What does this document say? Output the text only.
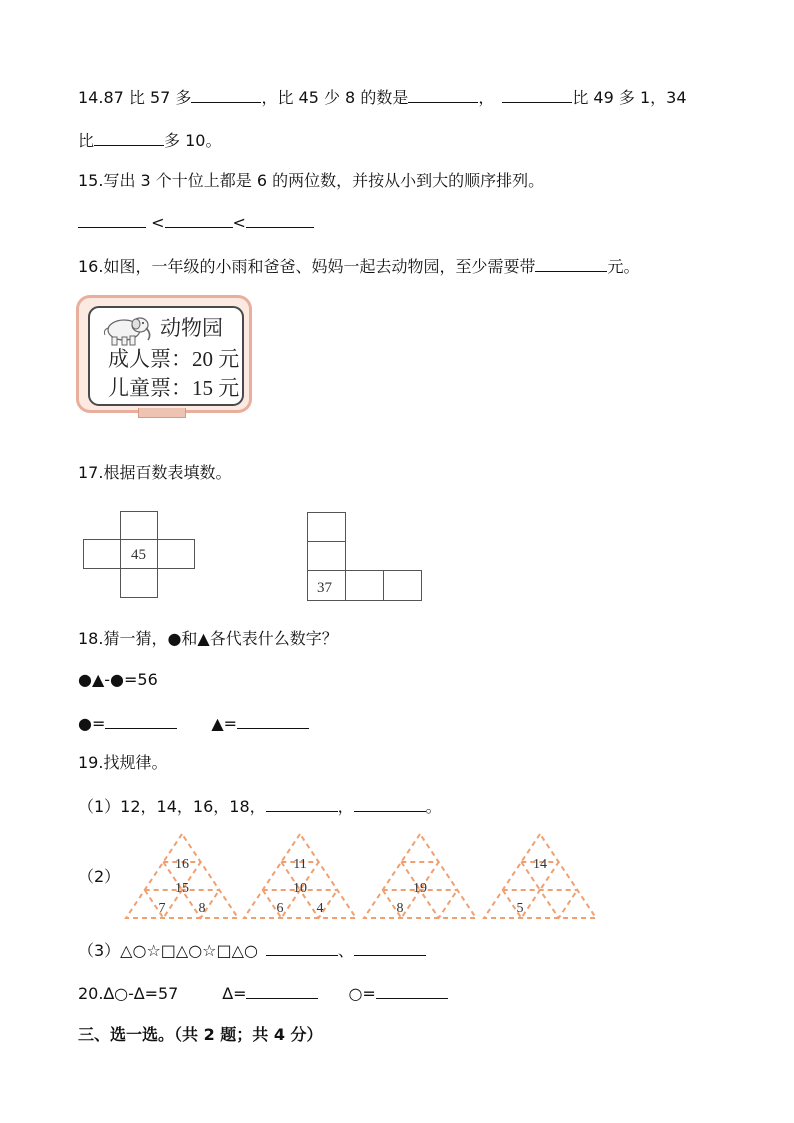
14.87 比 57 多	，比 45 少 8 的数是	，	比 49 多 1，34
比	多 10。
15.写出 3 个十位上都是 6 的两位数，并按从小到大的顺序排列。
<	<
16.如图，一年级的小雨和爸爸、妈妈一起去动物园，至少需要带	元。
动物园
成人票：20 元
儿童票：15 元
17.根据百数表填数。
45
37
18.猜一猜，●和▲各代表什么数字？
●▲-●=56
●=	▲=
19.找规律。
（1）12，14，16，18，	，	。
（2）
16
15
7 8
11
10
6 4
19
8
14
5
（3）△○☆□△○☆□△○	、
20.∆○-∆=57	∆=	○=
三、选一选。（共 2 题；共 4 分）
